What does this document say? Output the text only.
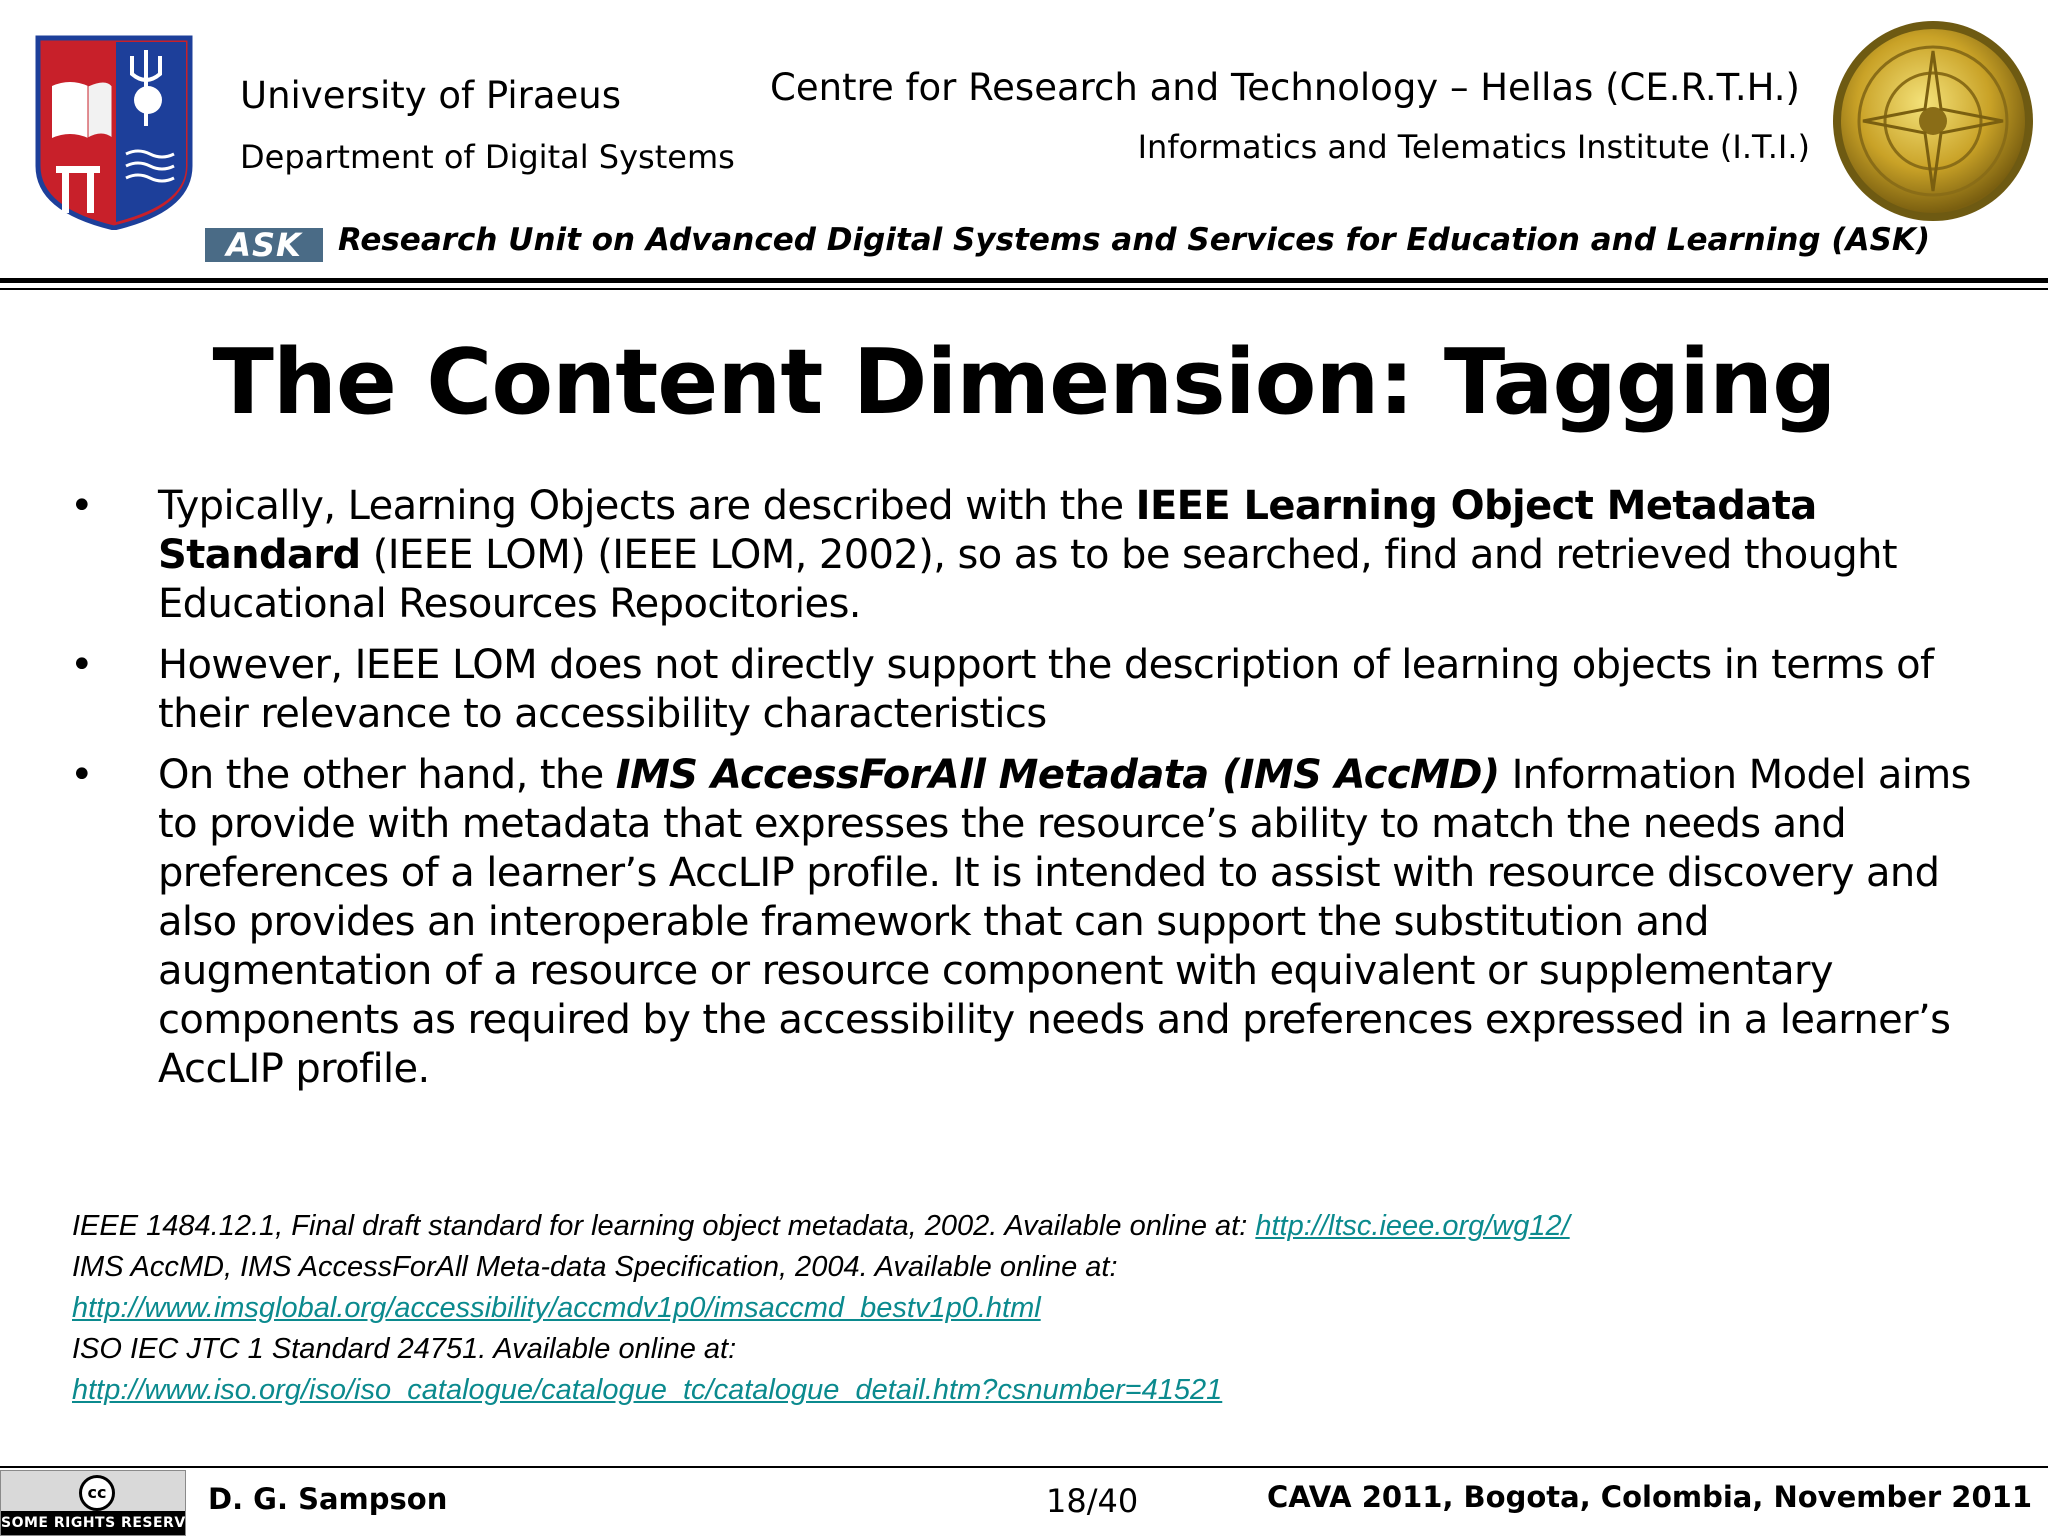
University of Piraeus
Department of Digital Systems
Centre for Research and Technology – Hellas (CE.R.T.H.)
Informatics and Telematics Institute (I.T.I.)
ASK	Research Unit on Advanced Digital Systems and Services for Education and Learning (ASK)
The Content Dimension: Tagging
•	Typically, Learning Objects are described with the IEEE Learning Object Metadata Standard (IEEE LOM) (IEEE LOM, 2002), so as to be searched, find and retrieved thought Educational Resources Repocitories.
•	However, IEEE LOM does not directly support the description of learning objects in terms of their relevance to accessibility characteristics
•	On the other hand, the IMS AccessForAll Metadata (IMS AccMD) Information Model aims to provide with metadata that expresses the resource’s ability to match the needs and preferences of a learner’s AccLIP profile. It is intended to assist with resource discovery and also provides an interoperable framework that can support the substitution and augmentation of a resource or resource component with equivalent or supplementary components as required by the accessibility needs and preferences expressed in a learner’s AccLIP profile.
IEEE 1484.12.1, Final draft standard for learning object metadata, 2002. Available online at: http://ltsc.ieee.org/wg12/
IMS AccMD, IMS AccessForAll Meta-data Specification, 2004. Available online at:
http://www.imsglobal.org/accessibility/accmdv1p0/imsaccmd_bestv1p0.html
ISO IEC JTC 1 Standard 24751. Available online at:
http://www.iso.org/iso/iso_catalogue/catalogue_tc/catalogue_detail.htm?csnumber=41521
cc
SOME RIGHTS RESERVED
D. G. Sampson	18/40	CAVA 2011, Bogota, Colombia, November 2011
